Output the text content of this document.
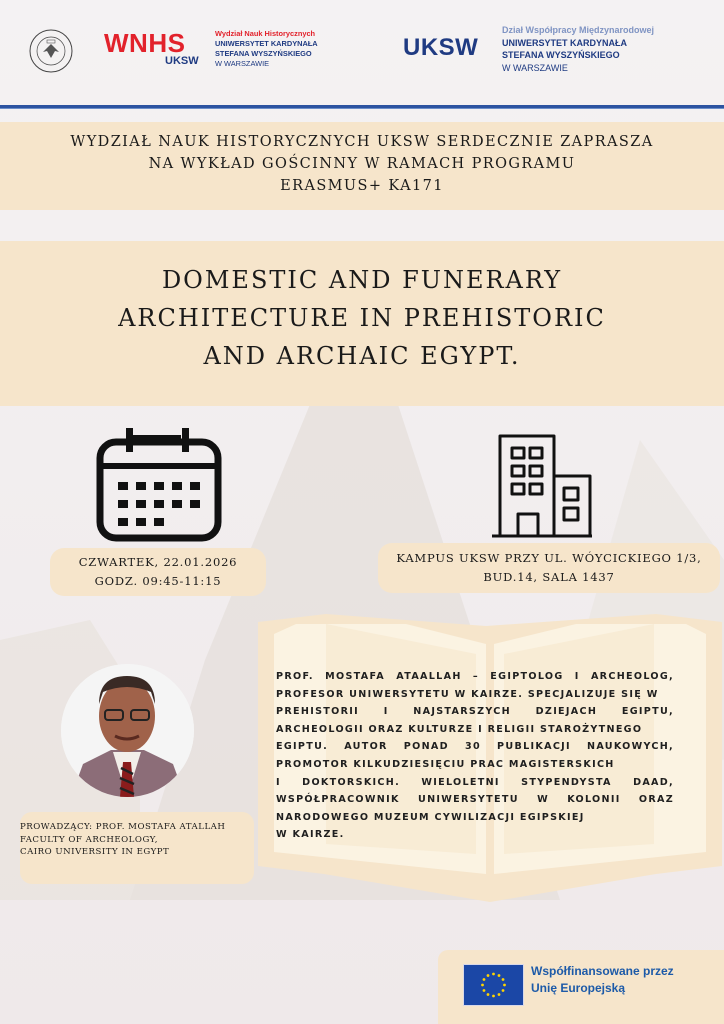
WNHS
UKSW
Wydział Nauk Historycznych
UNIWERSYTET KARDYNAŁA
STEFANA WYSZYŃSKIEGO
W WARSZAWIE
UKSW
Dział Współpracy Międzynarodowej
UNIWERSYTET KARDYNAŁA
STEFANA WYSZYŃSKIEGO
W WARSZAWIE
WYDZIAŁ NAUK HISTORYCZNYCH UKSW SERDECZNIE ZAPRASZA
NA WYKŁAD GOŚCINNY W RAMACH PROGRAMU
ERASMUS+ KA171
DOMESTIC AND FUNERARY
ARCHITECTURE IN PREHISTORIC
AND ARCHAIC EGYPT.
CZWARTEK, 22.01.2026
GODZ. 09:45-11:15
KAMPUS UKSW PRZY UL. WÓYCICKIEGO 1/3,
BUD.14, SALA 1437
PROF. MOSTAFA ATAALLAH – EGIPTOLOG I ARCHEOLOG,
PROFESOR UNIWERSYTETU W KAIRZE. SPECJALIZUJE SIĘ W
PREHISTORII I NAJSTARSZYCH DZIEJACH EGIPTU,
ARCHEOLOGII ORAZ KULTURZE I RELIGII STAROŻYTNEGO
EGIPTU. AUTOR PONAD 30 PUBLIKACJI NAUKOWYCH,
PROMOTOR KILKUDZIESIĘCIU PRAC MAGISTERSKICH
I DOKTORSKICH. WIELOLETNI STYPENDYSTA DAAD,
WSPÓŁPRACOWNIK UNIWERSYTETU W KOLONII ORAZ
NARODOWEGO MUZEUM CYWILIZACJI EGIPSKIEJ
W KAIRZE.
PROWADZĄCY: PROF. MOSTAFA ATALLAH
FACULTY OF ARCHEOLOGY,
CAIRO UNIVERSITY IN EGYPT
Współfinansowane przez
Unię Europejską
